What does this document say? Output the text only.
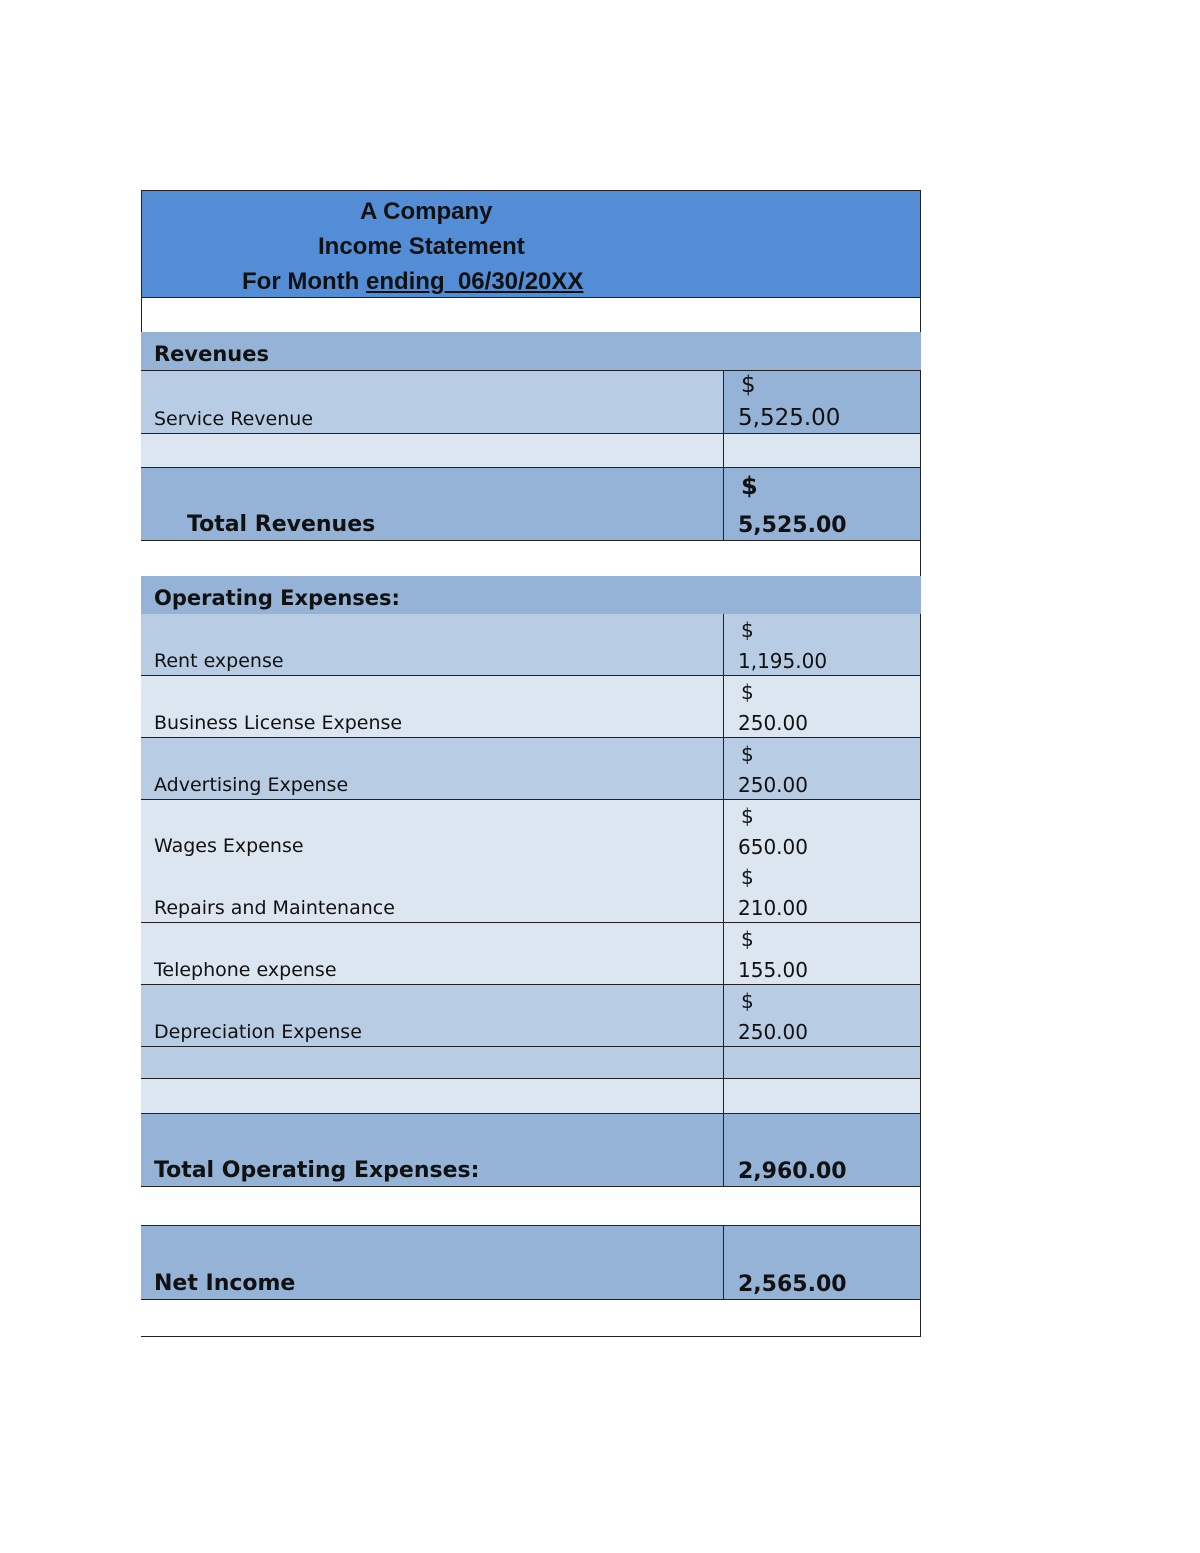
A Company
Income Statement
For Month ending  06/30/20XX
Revenues
Service Revenue
$
5,525.00
Total Revenues
$
5,525.00
Operating Expenses:
Rent expense
$
1,195.00
Business License Expense
$
250.00
Advertising Expense
$
250.00
Wages Expense
Repairs and Maintenance
$
650.00
$
210.00
Telephone expense
$
155.00
Depreciation Expense
$
250.00
Total Operating Expenses:	2,960.00
Net Income	2,565.00
